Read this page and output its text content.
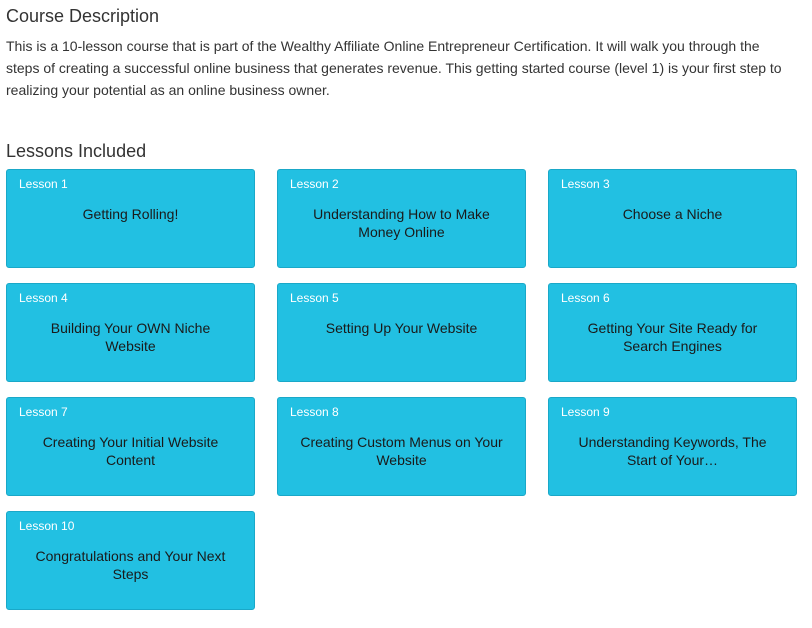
Course Description

This is a 10-lesson course that is part of the Wealthy Affiliate Online Entrepreneur Certification. It will walk you through the steps of creating a successful online business that generates revenue. This getting started course (level 1) is your first step to realizing your potential as an online business owner.

Lessons Included
Lesson 1
Getting Rolling!
Lesson 2
Understanding How to Make Money Online
Lesson 3
Choose a Niche
Lesson 4
Building Your OWN Niche Website
Lesson 5
Setting Up Your Website
Lesson 6
Getting Your Site Ready for Search Engines
Lesson 7
Creating Your Initial Website Content
Lesson 8
Creating Custom Menus on Your Website
Lesson 9
Understanding Keywords, The Start of Your…
Lesson 10
Congratulations and Your Next Steps
